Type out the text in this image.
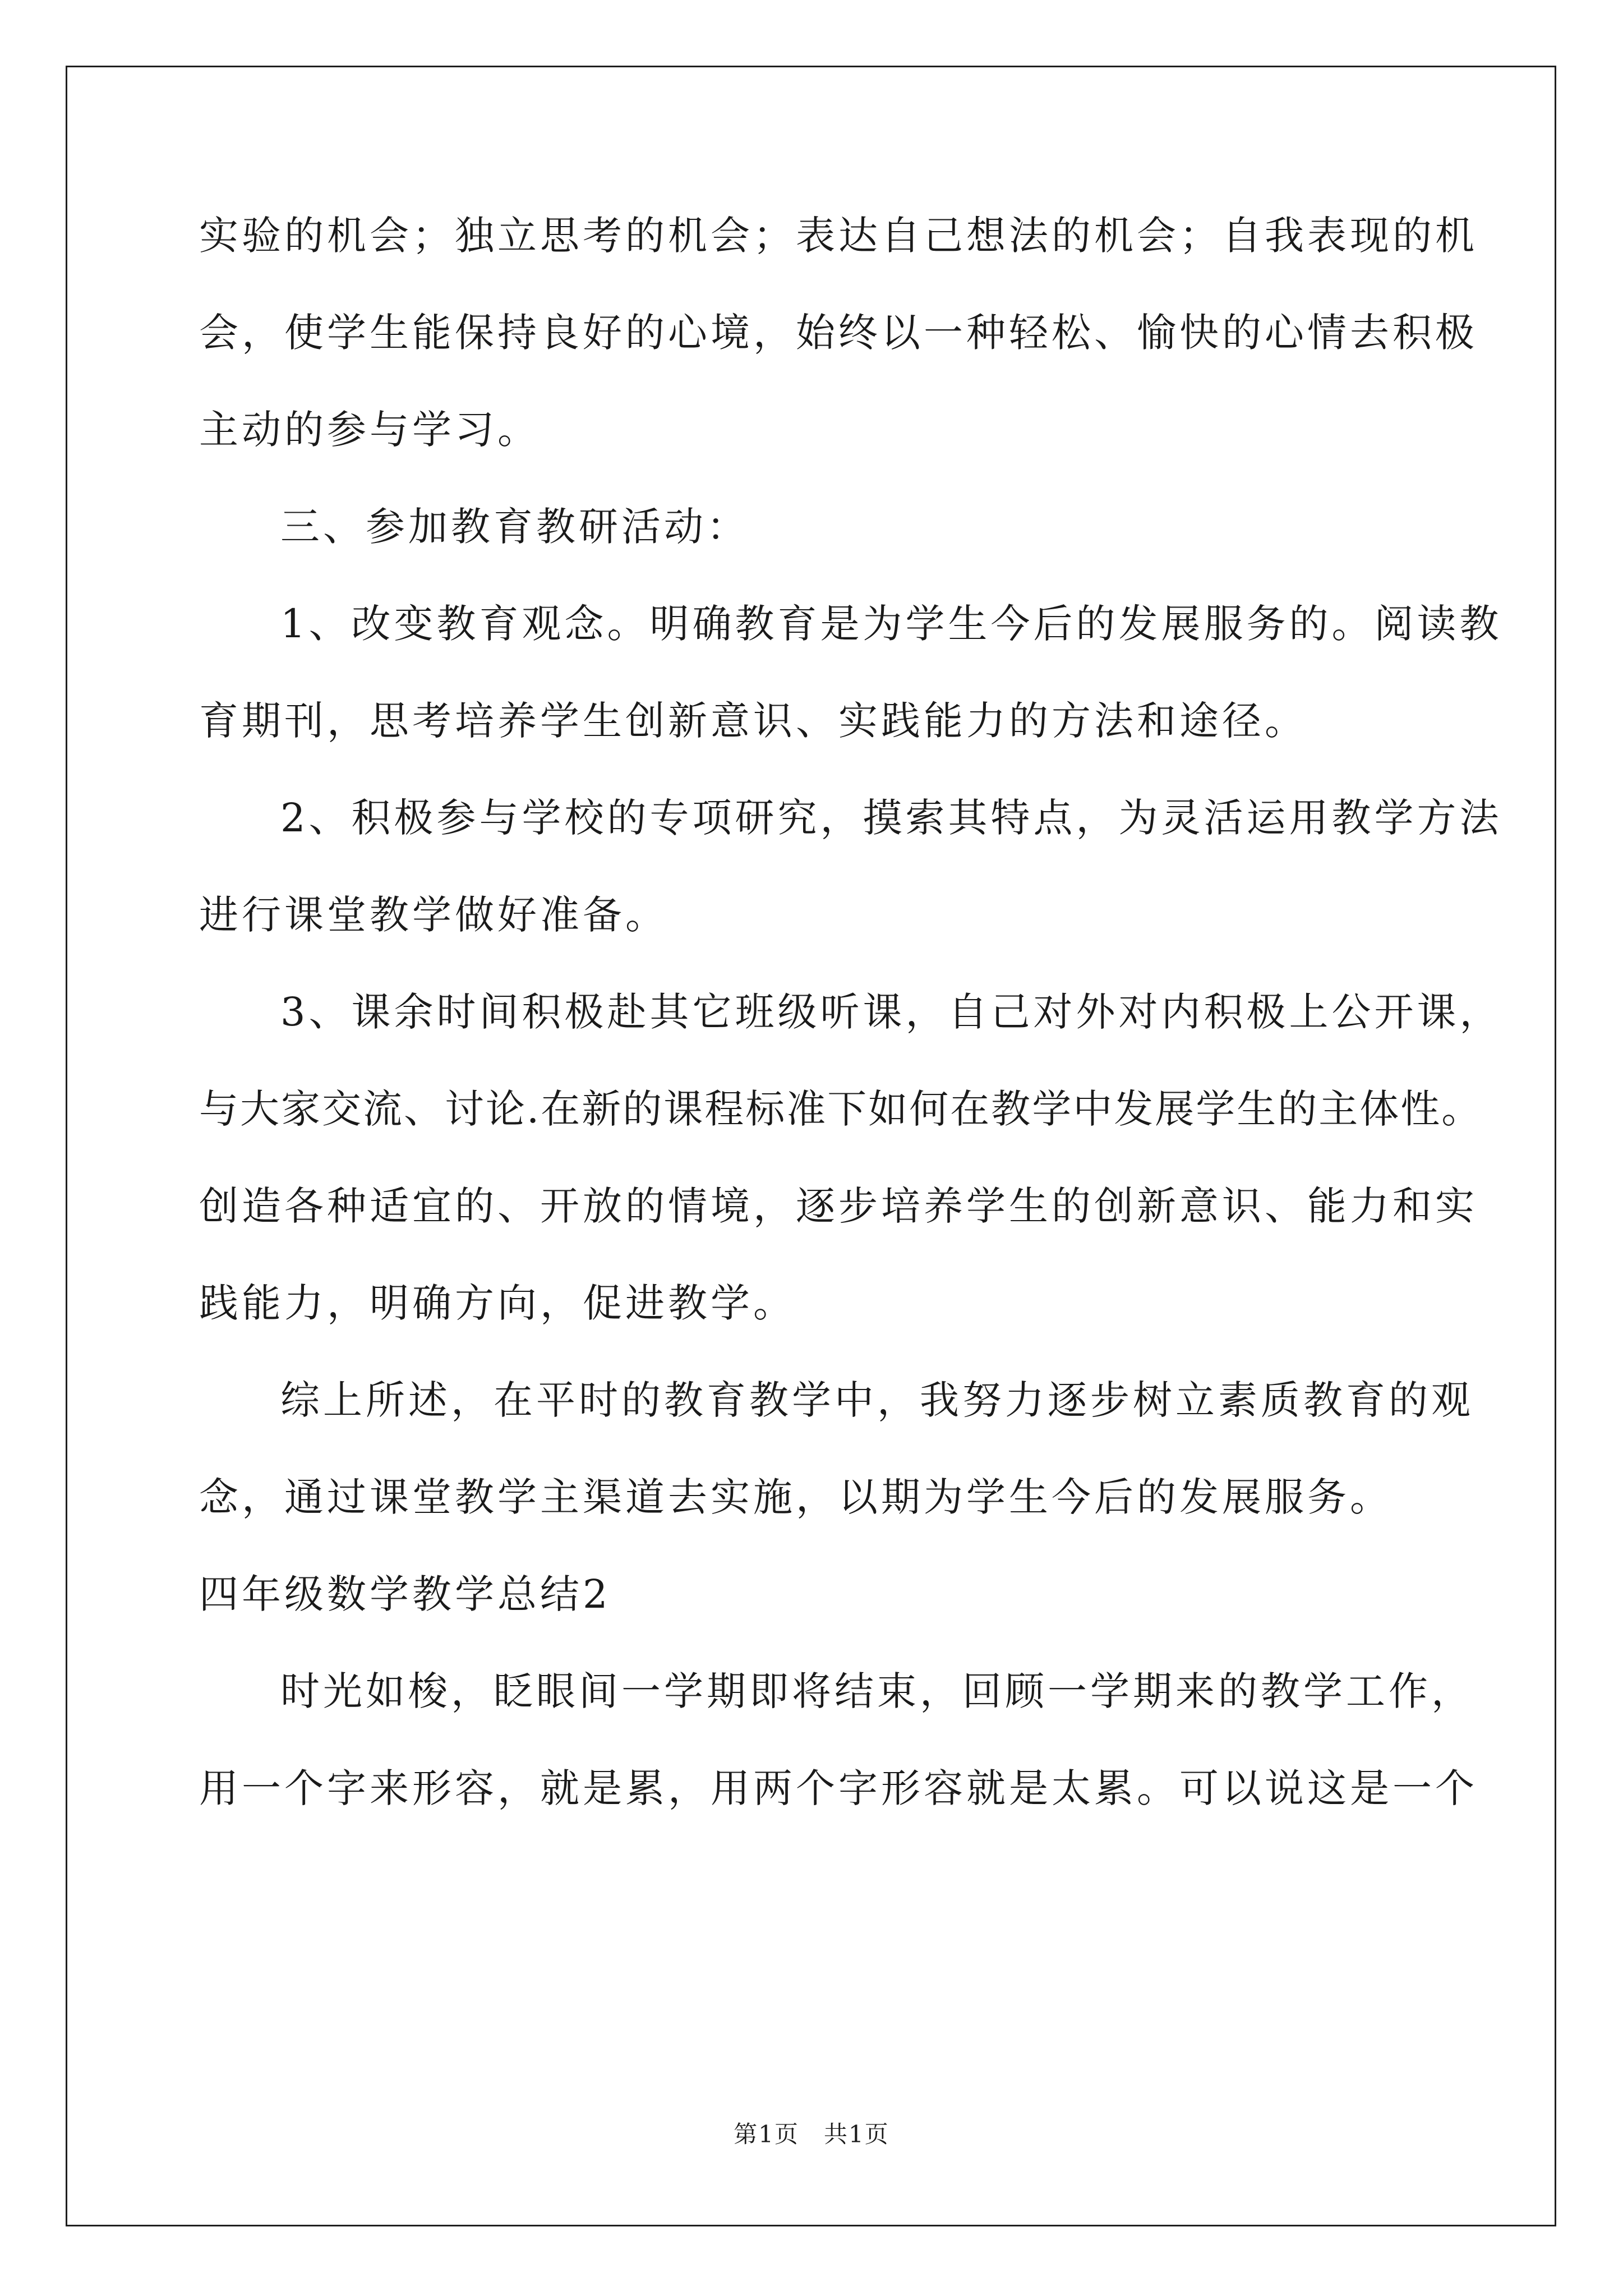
实验的机会；独立思考的机会；表达自己想法的机会；自我表现的机
会，使学生能保持良好的心境，始终以一种轻松、愉快的心情去积极
主动的参与学习。
三、参加教育教研活动：
1、改变教育观念。明确教育是为学生今后的发展服务的。阅读教
育期刊，思考培养学生创新意识、实践能力的方法和途径。
2、积极参与学校的专项研究，摸索其特点，为灵活运用教学方法
进行课堂教学做好准备。
3、课余时间积极赴其它班级听课，自己对外对内积极上公开课，
与大家交流、讨论.在新的课程标准下如何在教学中发展学生的主体性。
创造各种适宜的、开放的情境，逐步培养学生的创新意识、能力和实
践能力，明确方向，促进教学。
综上所述，在平时的教育教学中，我努力逐步树立素质教育的观
念，通过课堂教学主渠道去实施，以期为学生今后的发展服务。
四年级数学教学总结2
时光如梭，眨眼间一学期即将结束，回顾一学期来的教学工作，
用一个字来形容，就是累，用两个字形容就是太累。可以说这是一个
第1页　共1页
